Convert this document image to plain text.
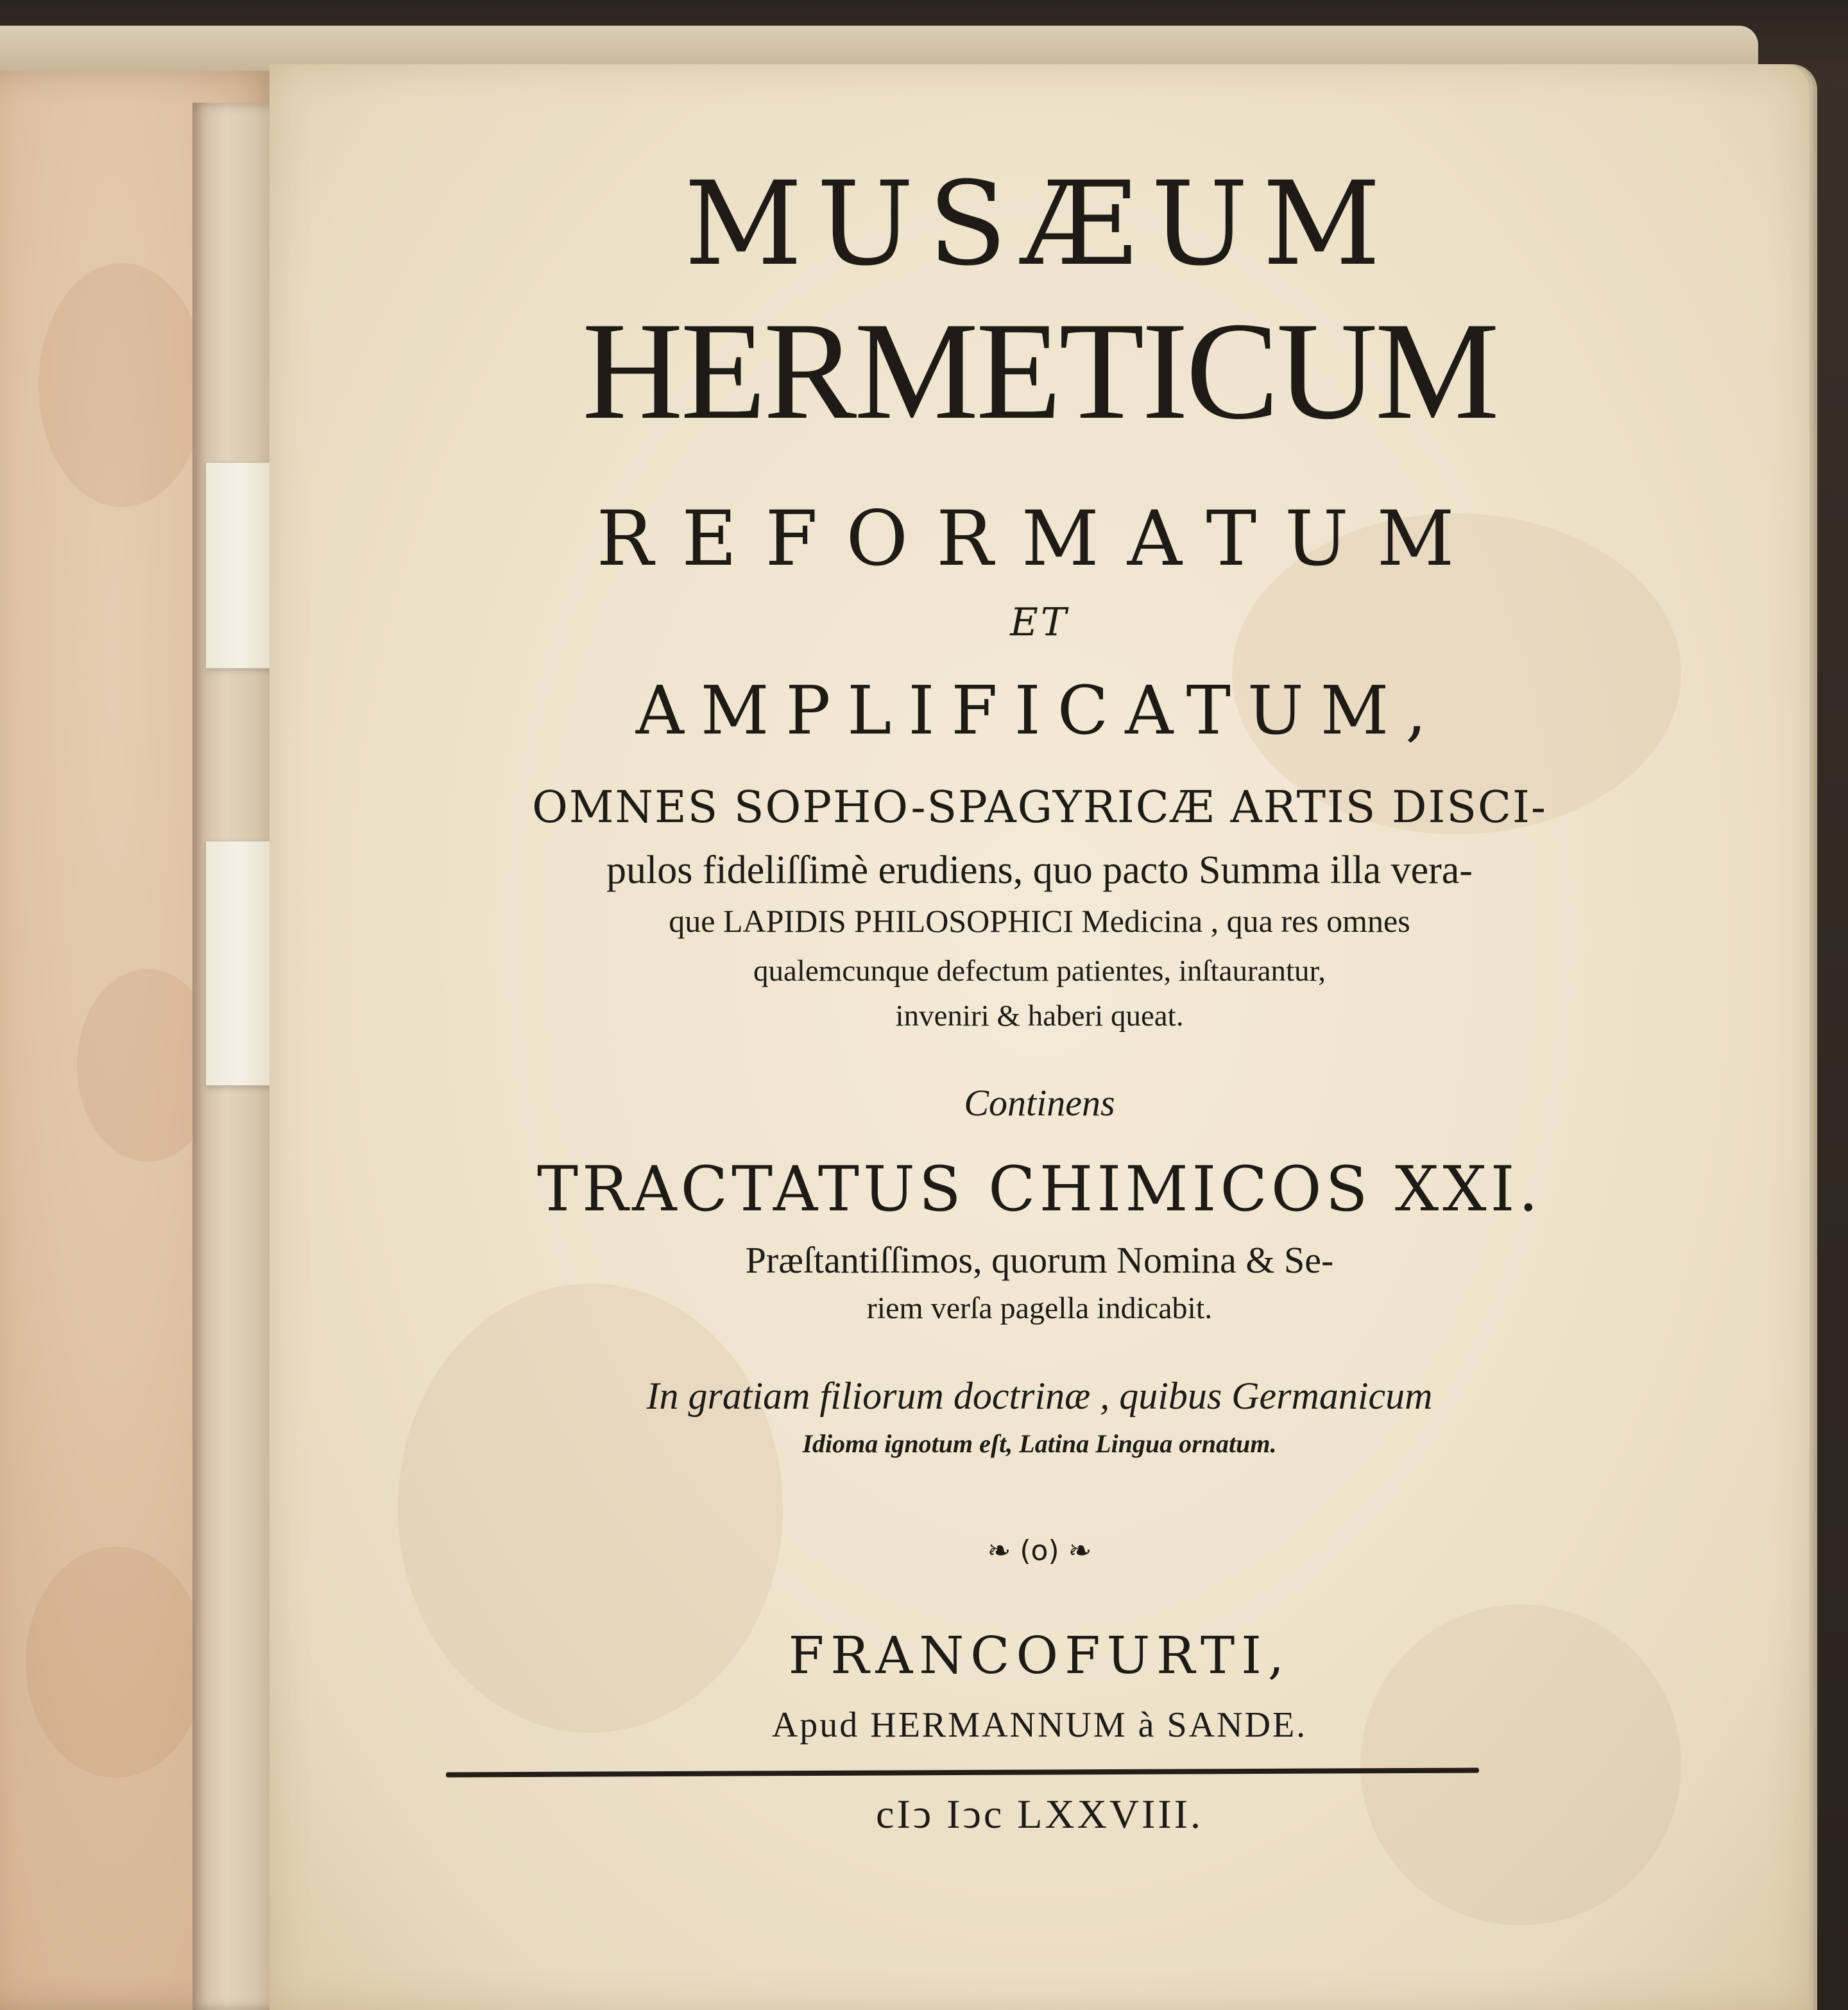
MUSÆUM
HERMETICUM
REFORMATUM
ET
AMPLIFICATUM,
OMNES SOPHO-SPAGYRICÆ ARTIS DISCI-
pulos fideliſſimè erudiens, quo pacto Summa illa vera-
que LAPIDIS PHILOSOPHICI Medicina , qua res omnes
qualemcunque defectum patientes, inſtaurantur,
inveniri & haberi queat.
Continens
TRACTATUS CHIMICOS XXI.
Præſtantiſſimos, quorum Nomina & Se-
riem verſa pagella indicabit.
In gratiam filiorum doctrinæ , quibus Germanicum
Idioma ignotum eſt, Latina Lingua ornatum.
❧ (o) ❧
FRANCOFURTI,
Apud HERMANNUM à SANDE.
cIↄ Iↄc LXXVIII.
